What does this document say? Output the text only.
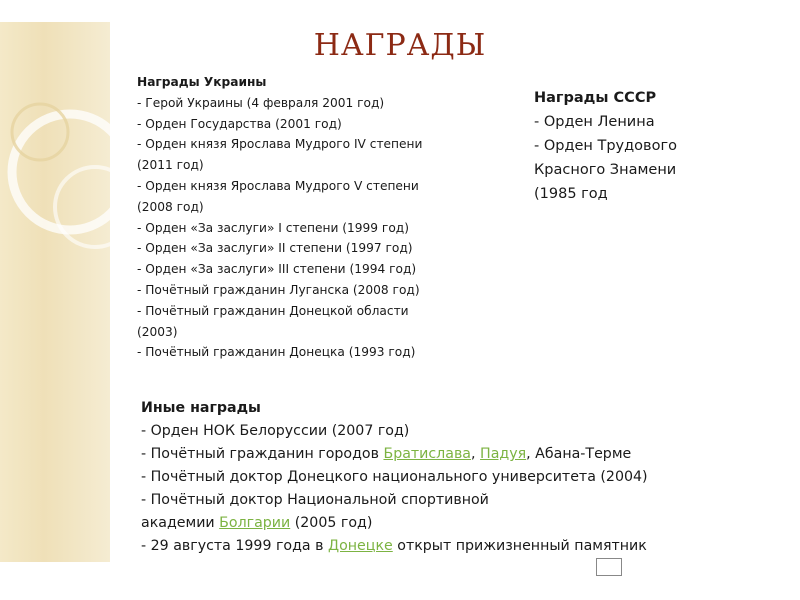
НАГРАДЫ

Награды Украины

- Герой Украины (4 февраля 2001 год)

- Орден Государства (2001 год)

- Орден князя Ярослава Мудрого IV степени

(2011 год)

- Орден князя Ярослава Мудрого V степени

(2008 год)

- Орден «За заслуги» I степени (1999 год)

- Орден «За заслуги» II степени (1997 год)

- Орден «За заслуги» III степени (1994 год)

- Почётный гражданин Луганска (2008 год)

- Почётный гражданин Донецкой области

(2003)

- Почётный гражданин Донецка (1993 год)

Награды СССР

- Орден Ленина

- Орден Трудового

Красного Знамени

(1985 год

Иные награды

- Орден НОК Белоруссии (2007 год)

- Почётный гражданин городов Братислава, Падуя, Абана-Терме

- Почётный доктор Донецкого национального университета (2004)

- Почётный доктор Национальной спортивной

академии Болгарии (2005 год)

- 29 августа 1999 года в Донецке открыт прижизненный памятник
